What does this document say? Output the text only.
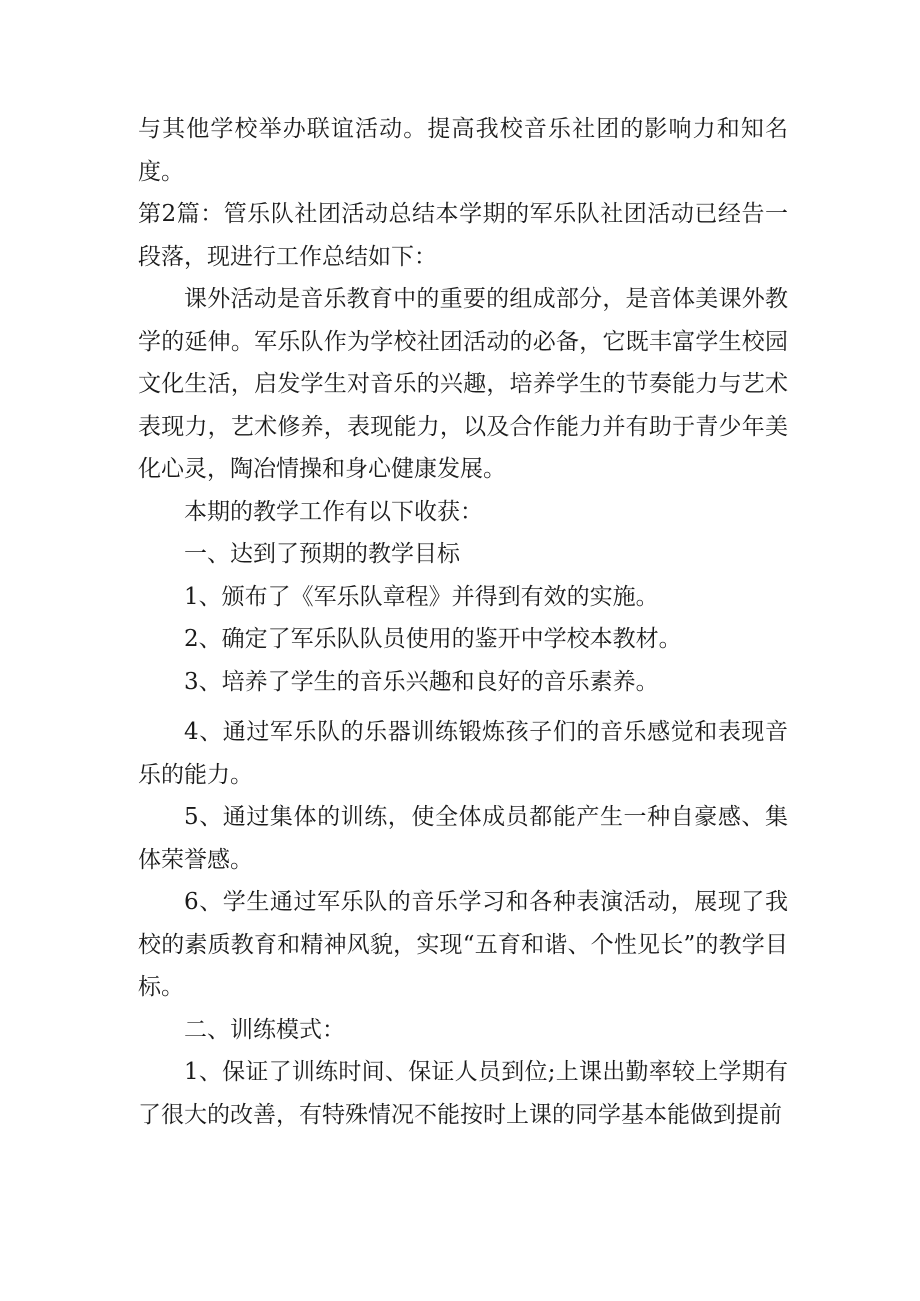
与其他学校举办联谊活动。提高我校音乐社团的影响力和知名度。

第2篇：管乐队社团活动总结本学期的军乐队社团活动已经告一段落，现进行工作总结如下：

课外活动是音乐教育中的重要的组成部分，是音体美课外教学的延伸。军乐队作为学校社团活动的必备，它既丰富学生校园文化生活，启发学生对音乐的兴趣，培养学生的节奏能力与艺术表现力，艺术修养，表现能力，以及合作能力并有助于青少年美化心灵，陶冶情操和身心健康发展。

本期的教学工作有以下收获：

一、达到了预期的教学目标

1、颁布了《军乐队章程》并得到有效的实施。

2、确定了军乐队队员使用的鉴开中学校本教材。

3、培养了学生的音乐兴趣和良好的音乐素养。

4、通过军乐队的乐器训练锻炼孩子们的音乐感觉和表现音乐的能力。

5、通过集体的训练，使全体成员都能产生一种自豪感、集体荣誉感。

6、学生通过军乐队的音乐学习和各种表演活动，展现了我校的素质教育和精神风貌，实现“五育和谐、个性见长”的教学目标。

二、训练模式：

1、保证了训练时间、保证人员到位;上课出勤率较上学期有了很大的改善，有特殊情况不能按时上课的同学基本能做到提前
